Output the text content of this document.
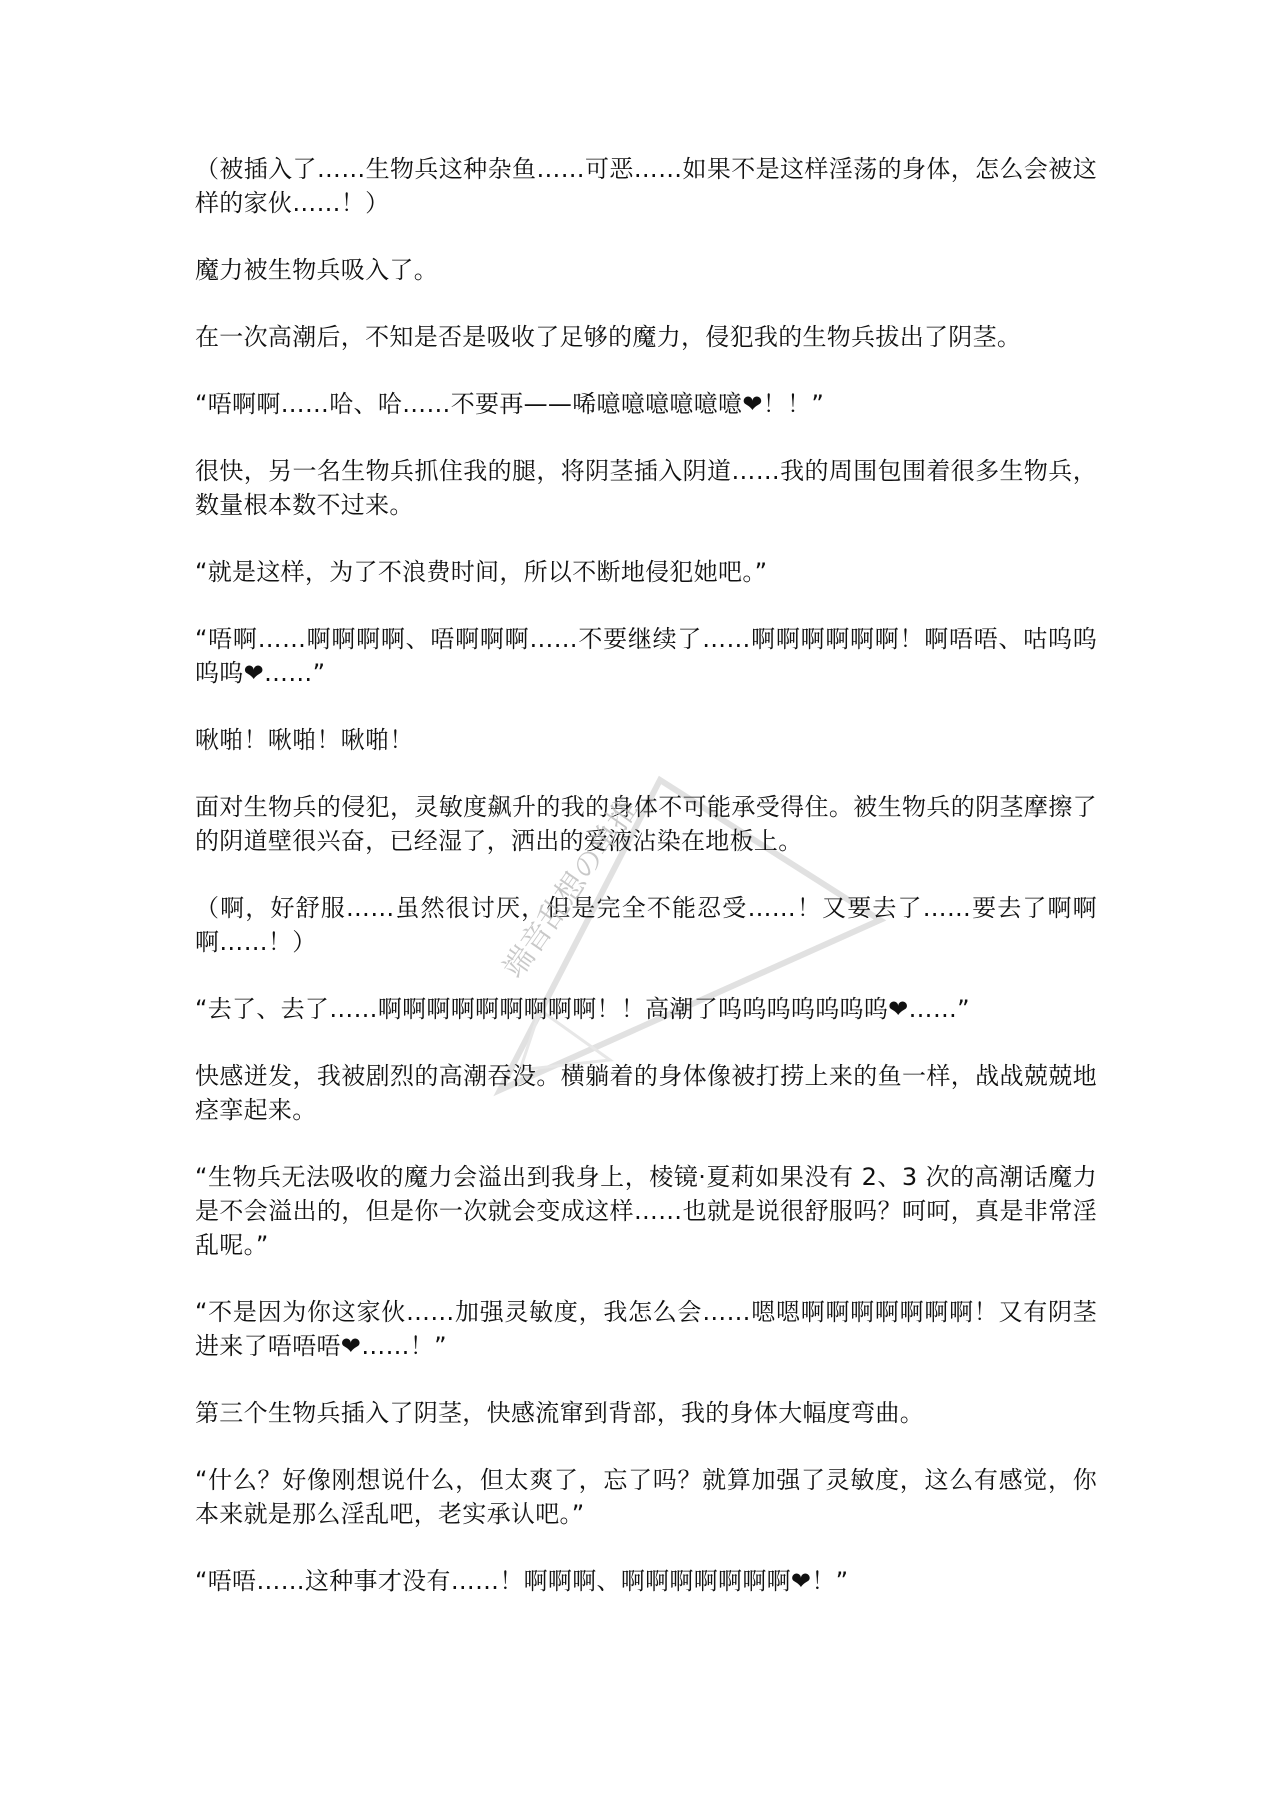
（被插入了……生物兵这种杂鱼……可恶……如果不是这样淫荡的身体，怎么会被这样的家伙……！）

魔力被生物兵吸入了。

在一次高潮后，不知是否是吸收了足够的魔力，侵犯我的生物兵拔出了阴茎。

“唔啊啊……哈、哈……不要再——唏噫噫噫噫噫噫❤！！”

很快，另一名生物兵抓住我的腿，将阴茎插入阴道……我的周围包围着很多生物兵，数量根本数不过来。

“就是这样，为了不浪费时间，所以不断地侵犯她吧。”

“唔啊……啊啊啊啊、唔啊啊啊……不要继续了……啊啊啊啊啊啊！啊唔唔、咕呜呜呜呜❤……”

啾啪！啾啪！啾啪！

面对生物兵的侵犯，灵敏度飙升的我的身体不可能承受得住。被生物兵的阴茎摩擦了的阴道壁很兴奋，已经湿了，洒出的爱液沾染在地板上。

（啊，好舒服……虽然很讨厌，但是完全不能忍受……！又要去了……要去了啊啊啊……！）

“去了、去了……啊啊啊啊啊啊啊啊啊！！高潮了呜呜呜呜呜呜呜❤……”

快感迸发，我被剧烈的高潮吞没。横躺着的身体像被打捞上来的鱼一样，战战兢兢地痉挛起来。

“生物兵无法吸收的魔力会溢出到我身上，棱镜·夏莉如果没有 2、3 次的高潮话魔力是不会溢出的，但是你一次就会变成这样……也就是说很舒服吗？呵呵，真是非常淫乱呢。”

“不是因为你这家伙……加强灵敏度，我怎么会……嗯嗯啊啊啊啊啊啊啊！又有阴茎进来了唔唔唔❤……！”

第三个生物兵插入了阴茎，快感流窜到背部，我的身体大幅度弯曲。

“什么？好像刚想说什么，但太爽了，忘了吗？就算加强了灵敏度，这么有感觉，你本来就是那么淫乱吧，老实承认吧。”

“唔唔……这种事才没有……！啊啊啊、啊啊啊啊啊啊啊❤！”

端音乱想の单推
